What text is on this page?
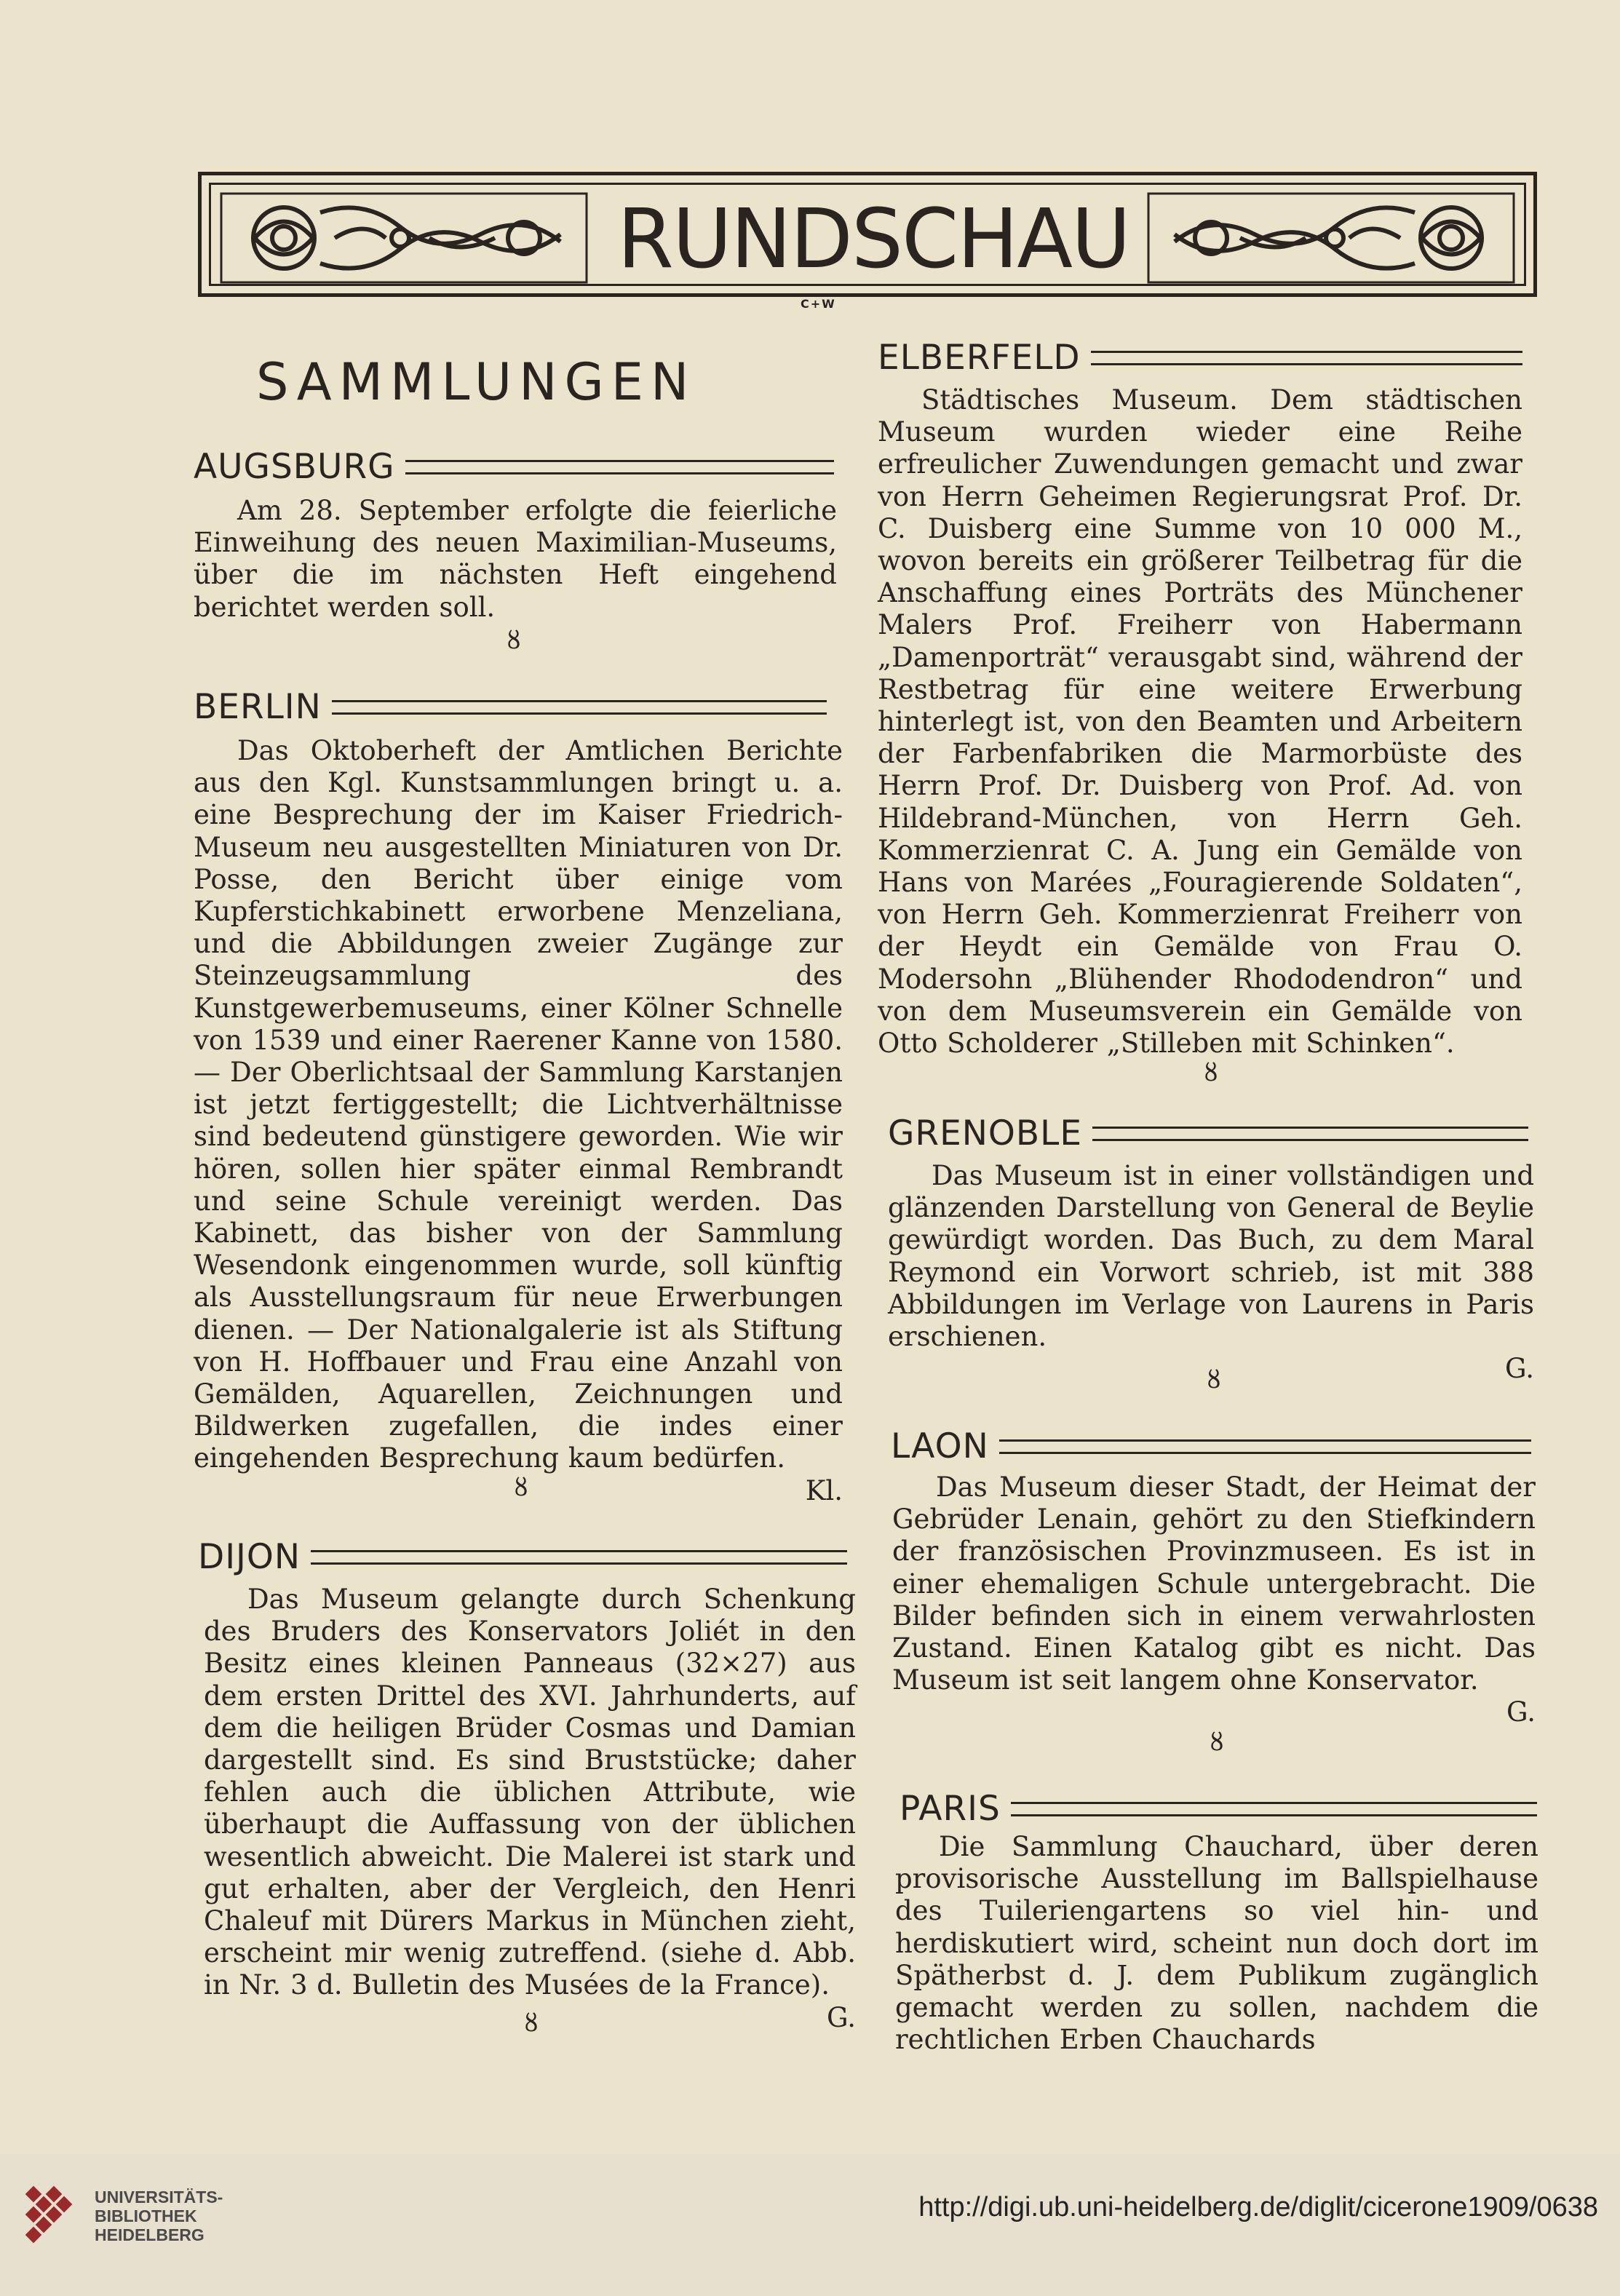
RUNDSCHAU
C+W
SAMMLUNGEN
AUGSBURG
Am 28. September erfolgte die feierliche Einweihung des neuen Maximilian-Museums, über die im nächsten Heft eingehend berichtet werden soll.
ȣ
BERLIN
Das Oktoberheft der Amtlichen Berichte aus den Kgl. Kunstsammlungen bringt u. a. eine Besprechung der im Kaiser Friedrich-Museum neu ausgestellten Miniaturen von Dr. Posse, den Bericht über einige vom Kupferstichkabinett erworbene Menzeliana, und die Abbildungen zweier Zugänge zur Steinzeugsammlung des Kunstgewerbemuseums, einer Kölner Schnelle von 1539 und einer Raerener Kanne von 1580. — Der Oberlichtsaal der Sammlung Karstanjen ist jetzt fertiggestellt; die Lichtverhältnisse sind bedeutend günstigere geworden. Wie wir hören, sollen hier später einmal Rembrandt und seine Schule vereinigt werden. Das Kabinett, das bisher von der Sammlung Wesendonk eingenommen wurde, soll künftig als Ausstellungsraum für neue Erwerbungen dienen. — Der Nationalgalerie ist als Stiftung von H. Hoffbauer und Frau eine Anzahl von Gemälden, Aquarellen, Zeichnungen und Bildwerken zugefallen, die indes einer eingehenden Besprechung kaum bedürfen.
Kl.
ȣ
DIJON
Das Museum gelangte durch Schenkung des Bruders des Konservators Joliét in den Besitz eines kleinen Panneaus (32×27) aus dem ersten Drittel des XVI. Jahrhunderts, auf dem die heiligen Brüder Cosmas und Damian dargestellt sind. Es sind Bruststücke; daher fehlen auch die üblichen Attribute, wie überhaupt die Auffassung von der üblichen wesentlich abweicht. Die Malerei ist stark und gut erhalten, aber der Vergleich, den Henri Chaleuf mit Dürers Markus in München zieht, erscheint mir wenig zutreffend. (siehe d. Abb. in Nr. 3 d. Bulletin des Musées de la France).
G.
ȣ
ELBERFELD
Städtisches Museum. Dem städtischen Museum wurden wieder eine Reihe erfreulicher Zuwendungen gemacht und zwar von Herrn Geheimen Regierungsrat Prof. Dr. C. Duisberg eine Summe von 10 000 M., wovon bereits ein größerer Teilbetrag für die Anschaffung eines Porträts des Münchener Malers Prof. Freiherr von Habermann „Damenporträt“ verausgabt sind, während der Restbetrag für eine weitere Erwerbung hinterlegt ist, von den Beamten und Arbeitern der Farbenfabriken die Marmorbüste des Herrn Prof. Dr. Duisberg von Prof. Ad. von Hildebrand-München, von Herrn Geh. Kommerzienrat C. A. Jung ein Gemälde von Hans von Marées „Fouragierende Soldaten“, von Herrn Geh. Kommerzienrat Freiherr von der Heydt ein Gemälde von Frau O. Modersohn „Blühender Rhododendron“ und von dem Museumsverein ein Gemälde von Otto Scholderer „Stilleben mit Schinken“.
ȣ
GRENOBLE
Das Museum ist in einer vollständigen und glänzenden Darstellung von General de Beylie gewürdigt worden. Das Buch, zu dem Maral Reymond ein Vorwort schrieb, ist mit 388 Abbildungen im Verlage von Laurens in Paris erschienen.
G.
ȣ
LAON
Das Museum dieser Stadt, der Heimat der Gebrüder Lenain, gehört zu den Stiefkindern der französischen Provinzmuseen. Es ist in einer ehemaligen Schule untergebracht. Die Bilder befinden sich in einem verwahrlosten Zustand. Einen Katalog gibt es nicht. Das Museum ist seit langem ohne Konservator.
G.
ȣ
PARIS
Die Sammlung Chauchard, über deren provisorische Ausstellung im Ballspielhause des Tuileriengartens so viel hin- und herdiskutiert wird, scheint nun doch dort im Spätherbst d. J. dem Publikum zugänglich gemacht werden zu sollen, nachdem die rechtlichen Erben Chauchards
UNIVERSITÄTS-
BIBLIOTHEK
HEIDELBERG
http://digi.ub.uni-heidelberg.de/diglit/cicerone1909/0638
